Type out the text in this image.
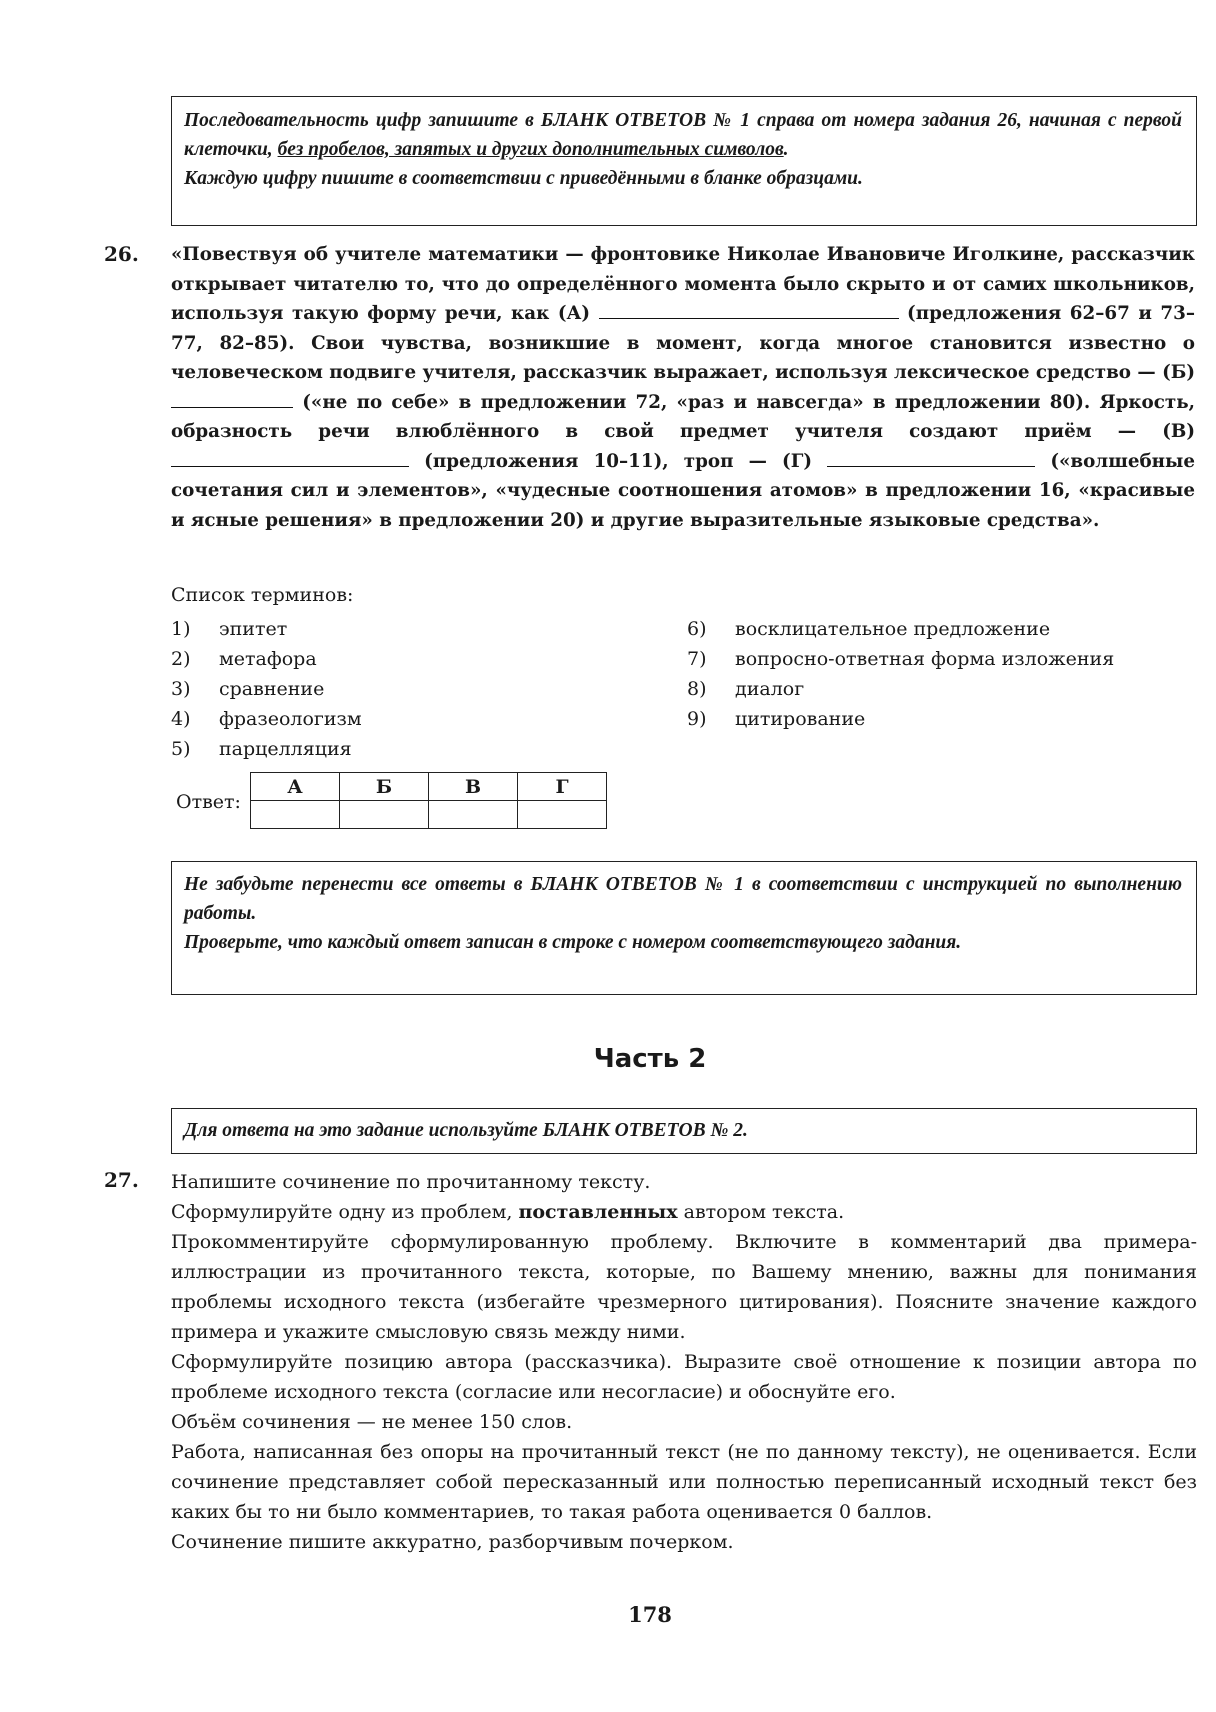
Последовательность цифр запишите в БЛАНК ОТВЕТОВ № 1 справа от номера задания 26, начиная с первой клеточки, без пробелов, запятых и других дополнительных символов.

Каждую цифру пишите в соответствии с приведёнными в бланке образцами.

26. «Повествуя об учителе математики — фронтовике Николае Ивановиче Иголкине, рассказчик открывает читателю то, что до определённого момента было скрыто и от самих школьников, используя такую форму речи, как (А)	(предложения 62–67 и 73–77, 82–85). Свои чувства, возникшие в момент, когда многое становится известно о человеческом подвиге учителя, рассказчик выражает, используя лексическое средство — (Б)  («не по себе» в предложении 72, «раз и навсегда» в предложении 80). Яркость, образность речи влюблённого в свой предмет учителя создают приём — (В)  (предложения 10–11), троп — (Г)	(«волшебные сочетания сил и элементов», «чудесные соотношения атомов» в предложении 16, «красивые и ясные решения» в предложении 20) и другие выразительные языковые средства».
Список терминов:
1)	эпитет
2)	метафора
3)	сравнение
4)	фразеологизм
5)	парцелляция
6)	восклицательное предложение
7)	вопросно-ответная форма изложения
8)	диалог
9)	цитирование
Ответ:
А	Б	В	Г

Не забудьте перенести все ответы в БЛАНК ОТВЕТОВ № 1 в соответствии с инструкцией по выполнению работы.

Проверьте, что каждый ответ записан в строке с номером соответствующего задания.

Часть 2

Для ответа на это задание используйте БЛАНК ОТВЕТОВ № 2.

27. Напишите сочинение по прочитанному тексту.

Сформулируйте одну из проблем, поставленных автором текста.

Прокомментируйте сформулированную проблему. Включите в комментарий два примера-иллюстрации из прочитанного текста, которые, по Вашему мнению, важны для понимания проблемы исходного текста (избегайте чрезмерного цитирования). Поясните значение каждого примера и укажите смысловую связь между ними.

Сформулируйте позицию автора (рассказчика). Выразите своё отношение к позиции автора по проблеме исходного текста (согласие или несогласие) и обоснуйте его.

Объём сочинения — не менее 150 слов.

Работа, написанная без опоры на прочитанный текст (не по данному тексту), не оценивается. Если сочинение представляет собой пересказанный или полностью переписанный исходный текст без каких бы то ни было комментариев, то такая работа оценивается 0 баллов.

Сочинение пишите аккуратно, разборчивым почерком.

178
